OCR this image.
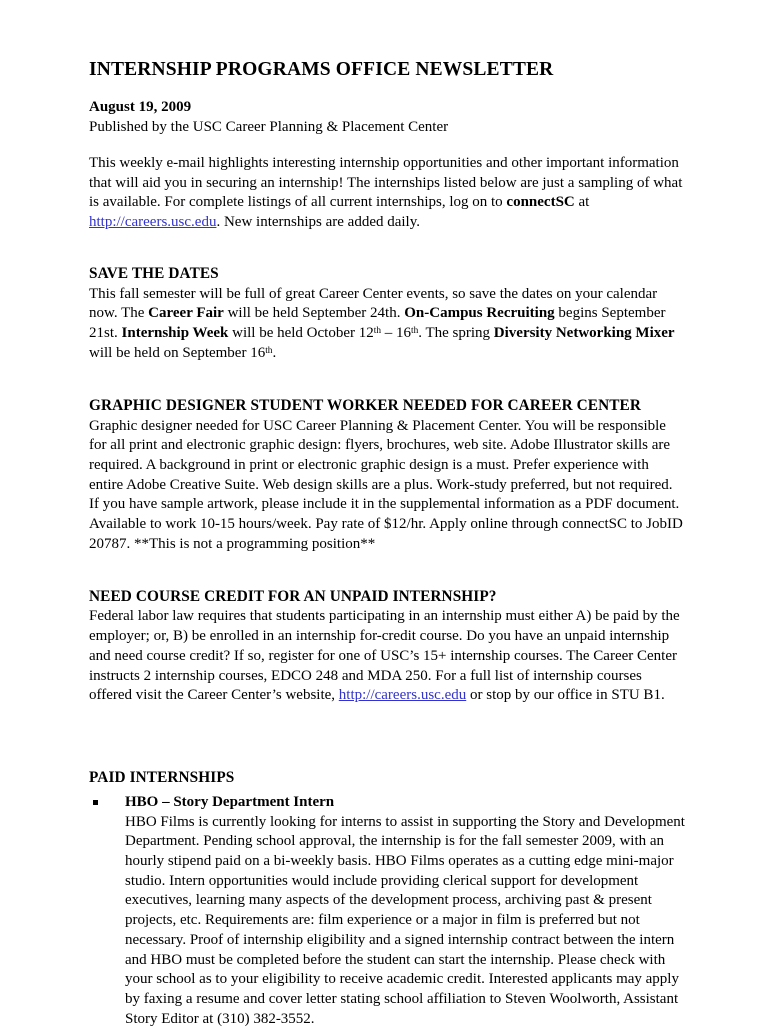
INTERNSHIP PROGRAMS OFFICE NEWSLETTER
August 19, 2009
Published by the USC Career Planning & Placement Center

This weekly e-mail highlights interesting internship opportunities and other important information that will aid you in securing an internship! The internships listed below are just a sampling of what is available. For complete listings of all current internships, log on to connectSC at http://careers.usc.edu. New internships are added daily.

SAVE THE DATES

This fall semester will be full of great Career Center events, so save the dates on your calendar now. The Career Fair will be held September 24th. On-Campus Recruiting begins September 21st. Internship Week will be held October 12th – 16th. The spring Diversity Networking Mixer will be held on September 16th.

GRAPHIC DESIGNER STUDENT WORKER NEEDED FOR CAREER CENTER

Graphic designer needed for USC Career Planning & Placement Center. You will be responsible for all print and electronic graphic design: flyers, brochures, web site. Adobe Illustrator skills are required. A background in print or electronic graphic design is a must. Prefer experience with entire Adobe Creative Suite. Web design skills are a plus. Work-study preferred, but not required. If you have sample artwork, please include it in the supplemental information as a PDF document. Available to work 10-15 hours/week. Pay rate of $12/hr. Apply online through connectSC to JobID 20787. **This is not a programming position**

NEED COURSE CREDIT FOR AN UNPAID INTERNSHIP?

Federal labor law requires that students participating in an internship must either A) be paid by the employer; or, B) be enrolled in an internship for-credit course. Do you have an unpaid internship and need course credit? If so, register for one of USC’s 15+ internship courses. The Career Center instructs 2 internship courses, EDCO 248 and MDA 250. For a full list of internship courses offered visit the Career Center’s website, http://careers.usc.edu or stop by our office in STU B1.

PAID INTERNSHIPS
HBO – Story Department Intern
HBO Films is currently looking for interns to assist in supporting the Story and Development Department. Pending school approval, the internship is for the fall semester 2009, with an hourly stipend paid on a bi-weekly basis. HBO Films operates as a cutting edge mini-major studio. Intern opportunities would include providing clerical support for development executives, learning many aspects of the development process, archiving past & present projects, etc. Requirements are: film experience or a major in film is preferred but not necessary. Proof of internship eligibility and a signed internship contract between the intern and HBO must be completed before the student can start the internship. Please check with your school as to your eligibility to receive academic credit. Interested applicants may apply by faxing a resume and cover letter stating school affiliation to Steven Woolworth, Assistant Story Editor at (310) 382-3552.
